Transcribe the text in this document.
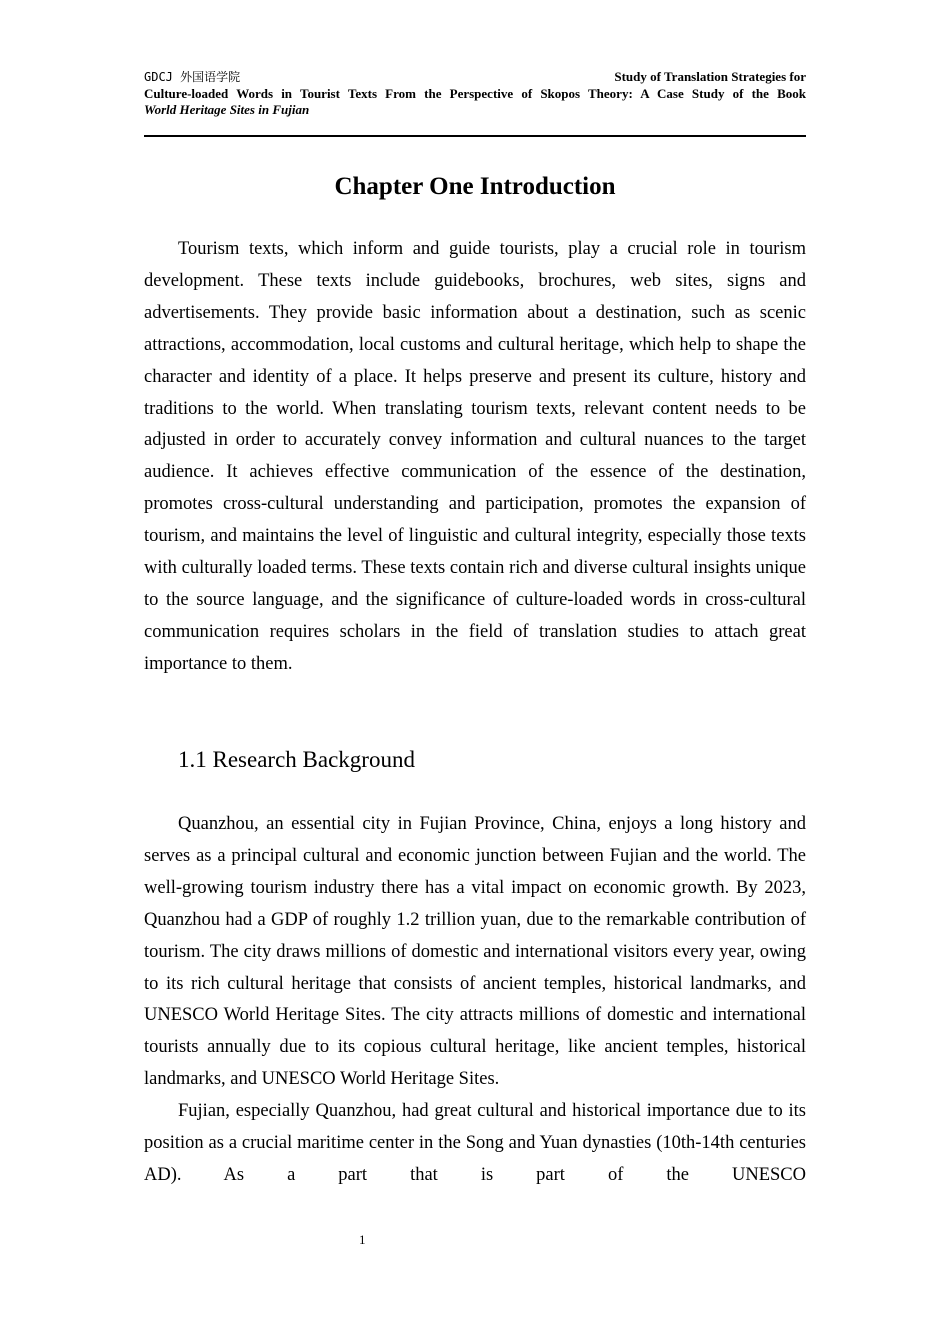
GDCJ 外国语学院	Study of Translation Strategies for
Culture-loaded Words in Tourist Texts From the Perspective of Skopos Theory: A Case Study of the Book
World Heritage Sites in Fujian
Chapter One Introduction

Tourism texts, which inform and guide tourists, play a crucial role in tourism development. These texts include guidebooks, brochures, web sites, signs and advertisements. They provide basic information about a destination, such as scenic attractions, accommodation, local customs and cultural heritage, which help to shape the character and identity of a place. It helps preserve and present its culture, history and traditions to the world. When translating tourism texts, relevant content needs to be adjusted in order to accurately convey information and cultural nuances to the target audience. It achieves effective communication of the essence of the destination, promotes cross-cultural understanding and participation, promotes the expansion of tourism, and maintains the level of linguistic and cultural integrity, especially those texts with culturally loaded terms. These texts contain rich and diverse cultural insights unique to the source language, and the significance of culture-loaded words in cross-cultural communication requires scholars in the field of translation studies to attach great importance to them.

1.1 Research Background

Quanzhou, an essential city in Fujian Province, China, enjoys a long history and serves as a principal cultural and economic junction between Fujian and the world. The well-growing tourism industry there has a vital impact on economic growth. By 2023, Quanzhou had a GDP of roughly 1.2 trillion yuan, due to the remarkable contribution of tourism. The city draws millions of domestic and international visitors every year, owing to its rich cultural heritage that consists of ancient temples, historical landmarks, and UNESCO World Heritage Sites. The city attracts millions of domestic and international tourists annually due to its copious cultural heritage, like ancient temples, historical landmarks, and UNESCO World Heritage Sites.

Fujian, especially Quanzhou, had great cultural and historical importance due to its position as a crucial maritime center in the Song and Yuan dynasties (10th-14th centuries AD). As a part that is part of the UNESCO

1
